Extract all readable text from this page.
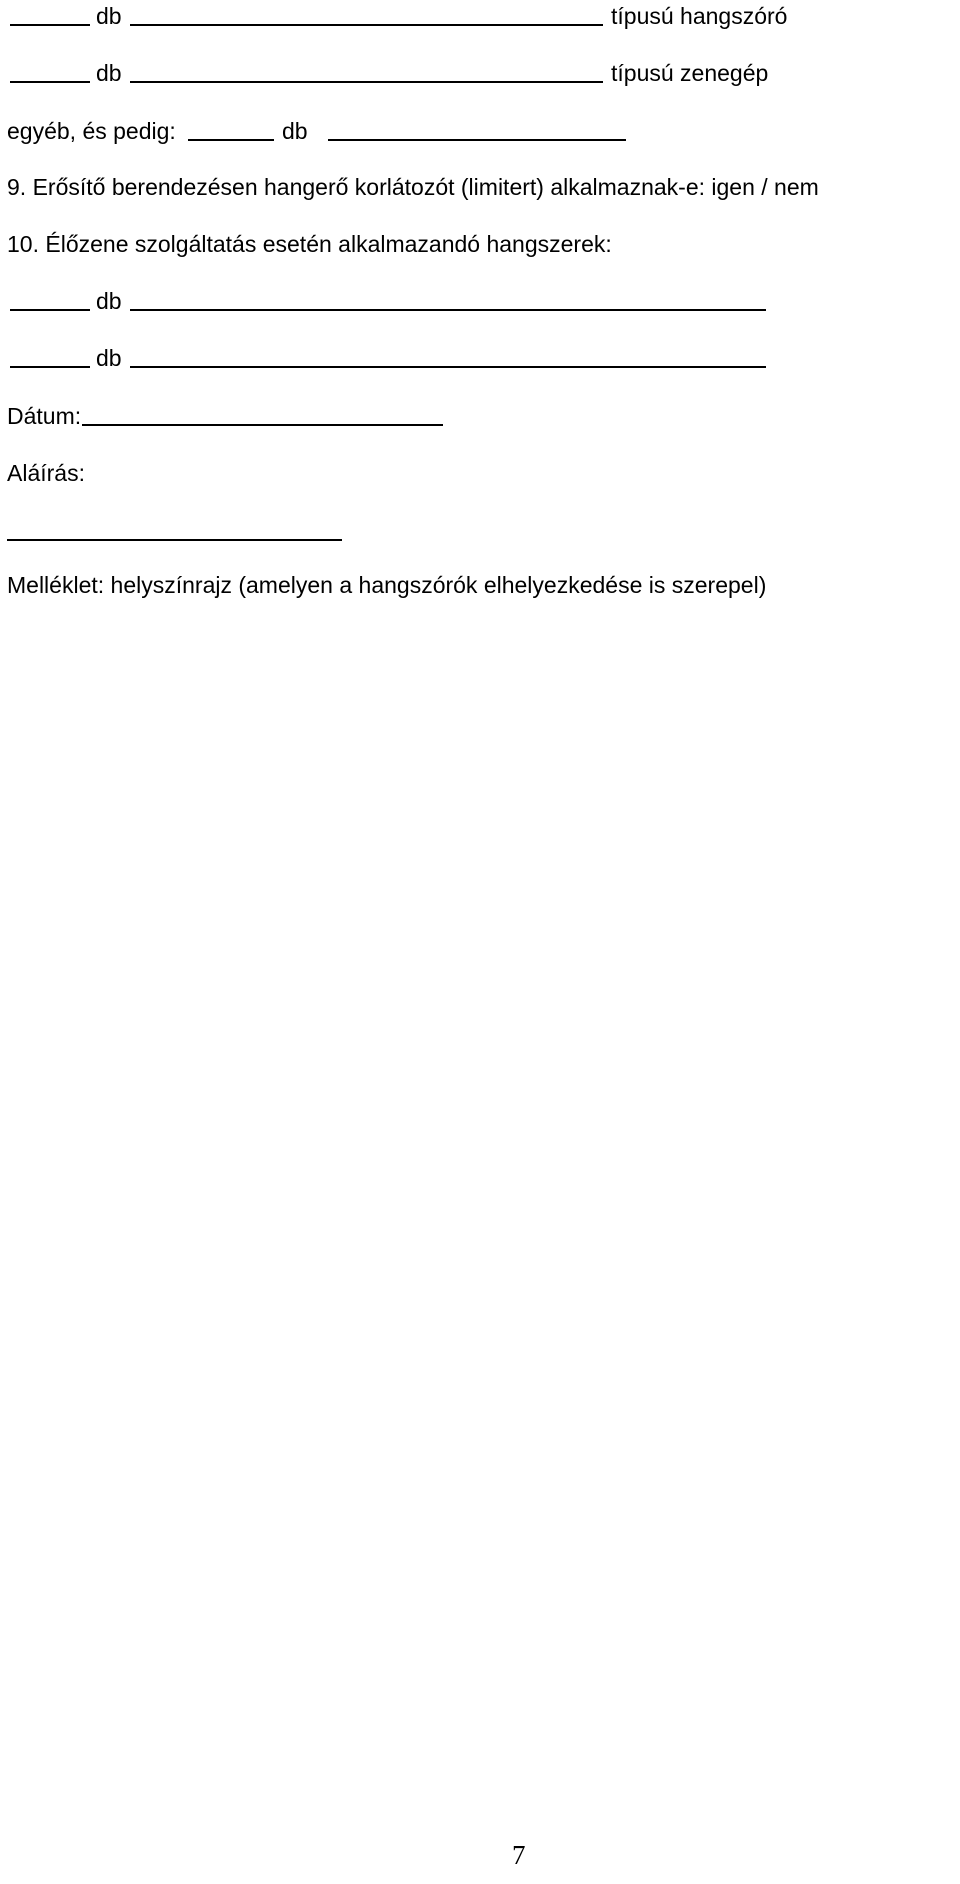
db	típusú hangszóró
db	típusú zenegép
egyéb, és pedig:	db
9. Erősítő berendezésen hangerő korlátozót (limitert) alkalmaznak-e: igen / nem
10. Élőzene szolgáltatás esetén alkalmazandó hangszerek:
db
db
Dátum:
Aláírás:
Melléklet: helyszínrajz (amelyen a hangszórók elhelyezkedése is szerepel)
7
